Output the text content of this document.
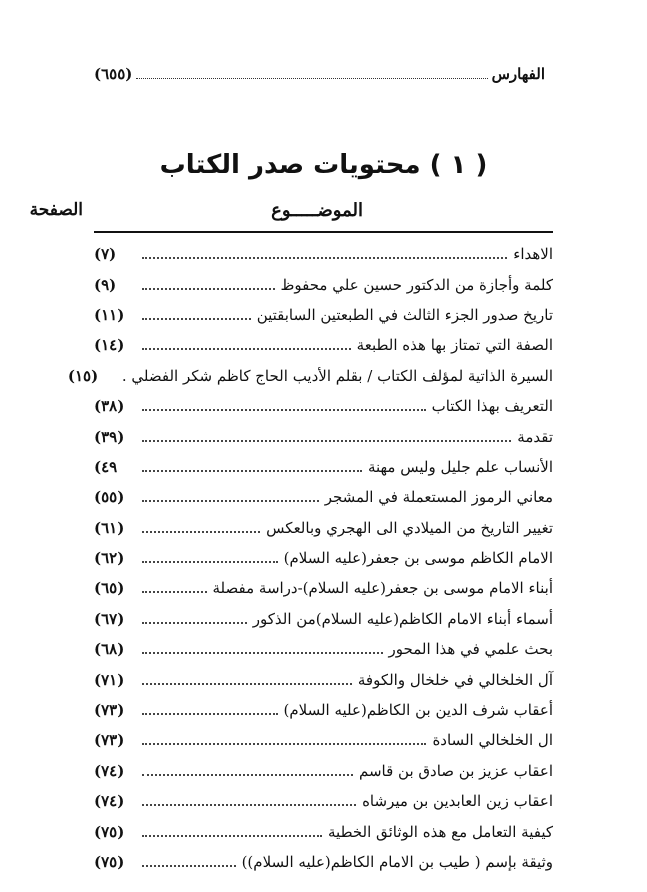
(٦٥٥)	الفهارس
( ١ ) محتويات صدر الكتاب
الموضـــــوع
الصفحة
الاهداء
(٧)
كلمة وأجازة من الدكتور حسين علي محفوظ
(٩)
تاريخ صدور الجزء الثالث في الطبعتين السابقتين
(١١)
الصفة التي تمتاز بها هذه الطبعة
(١٤)
السيرة الذاتية لمؤلف الكتاب / بقلم الأديب الحاج كاظم شكر الفضلي .
(١٥)
التعريف بهذا الكتاب
(٣٨)
تقدمة
(٣٩)
الأنساب علم جليل وليس مهنة
٤٩)
معاني الرموز المستعملة في المشجر
(٥٥)
تغيير التاريخ من الميلادي الى الهجري وبالعكس
(٦١)
الامام الكاظم موسى بن جعفر(عليه السلام)
(٦٢)
أبناء الامام موسى بن جعفر(عليه السلام)-دراسة مفصلة
(٦٥)
أسماء أبناء الامام الكاظم(عليه السلام)من الذكور
(٦٧)
بحث علمي في هذا المحور
(٦٨)
آل الخلخالي في خلخال والكوفة
(٧١)
أعقاب شرف الدين بن الكاظم(عليه السلام)
(٧٣)
ال الخلخالي السادة
(٧٣)
اعقاب عزيز بن صادق بن قاسم
(٧٤)
اعقاب زين العابدين بن ميرشاه
(٧٤)
كيفية التعامل مع هذه الوثائق الخطية
(٧٥)
وثيقة بإسم ( طيب بن الامام الكاظم(عليه السلام))
(٧٥)
